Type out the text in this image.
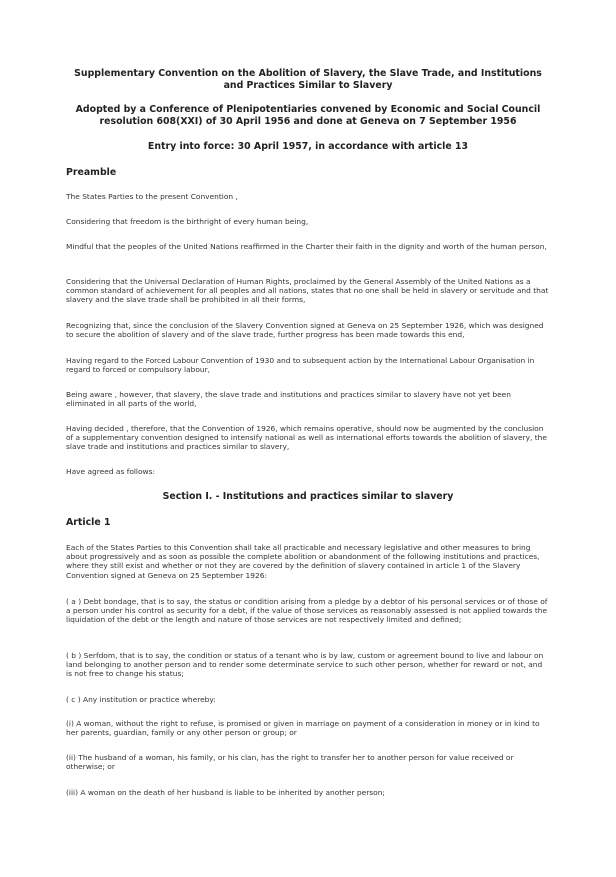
Supplementary Convention on the Abolition of Slavery, the Slave Trade, and Institutions and Practices Similar to Slavery

Adopted by a Conference of Plenipotentiaries convened by Economic and Social Council resolution 608(XXI) of 30 April 1956 and done at Geneva on 7 September 1956

Entry into force: 30 April 1957, in accordance with article 13

Preamble

The States Parties to the present Convention ,

Considering that freedom is the birthright of every human being,

Mindful that the peoples of the United Nations reaffirmed in the Charter their faith in the dignity and worth of the human person,

Considering that the Universal Declaration of Human Rights, proclaimed by the General Assembly of the United Nations as a common standard of achievement for all peoples and all nations, states that no one shall be held in slavery or servitude and that slavery and the slave trade shall be prohibited in all their forms,

Recognizing that, since the conclusion of the Slavery Convention signed at Geneva on 25 September 1926, which was designed to secure the abolition of slavery and of the slave trade, further progress has been made towards this end,

Having regard to the Forced Labour Convention of 1930 and to subsequent action by the International Labour Organisation in regard to forced or compulsory labour,

Being aware , however, that slavery, the slave trade and institutions and practices similar to slavery have not yet been eliminated in all parts of the world,

Having decided , therefore, that the Convention of 1926, which remains operative, should now be augmented by the conclusion of a supplementary convention designed to intensify national as well as international efforts towards the abolition of slavery, the slave trade and institutions and practices similar to slavery,

Have agreed as follows:

Section I. - Institutions and practices similar to slavery

Article 1

Each of the States Parties to this Convention shall take all practicable and necessary legislative and other measures to bring about progressively and as soon as possible the complete abolition or abandonment of the following institutions and practices, where they still exist and whether or not they are covered by the definition of slavery contained in article 1 of the Slavery Convention signed at Geneva on 25 September 1926:

( a ) Debt bondage, that is to say, the status or condition arising from a pledge by a debtor of his personal services or of those of a person under his control as security for a debt, if the value of those services as reasonably assessed is not applied towards the liquidation of the debt or the length and nature of those services are not respectively limited and defined;

( b ) Serfdom, that is to say, the condition or status of a tenant who is by law, custom or agreement bound to live and labour on land belonging to another person and to render some determinate service to such other person, whether for reward or not, and is not free to change his status;

( c ) Any institution or practice whereby:

(i) A woman, without the right to refuse, is promised or given in marriage on payment of a consideration in money or in kind to her parents, guardian, family or any other person or group; or

(ii) The husband of a woman, his family, or his clan, has the right to transfer her to another person for value received or otherwise; or

(iii) A woman on the death of her husband is liable to be inherited by another person;
